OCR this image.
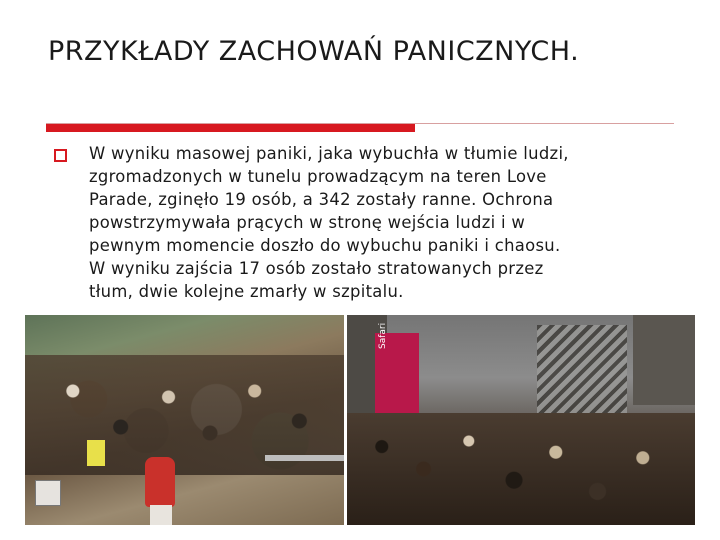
PRZYKŁADY ZACHOWAŃ PANICZNYCH.
W wyniku masowej paniki, jaka wybuchła w tłumie ludzi,
zgromadzonych w tunelu prowadzącym na teren Love
Parade, zginęło 19 osób, a 342 zostały ranne. Ochrona
powstrzymywała prących w stronę wejścia ludzi i w
pewnym momencie doszło do wybuchu paniki i chaosu.
W wyniku zajścia 17 osób zostało stratowanych przez
tłum, dwie kolejne zmarły w szpitalu.
Safari
